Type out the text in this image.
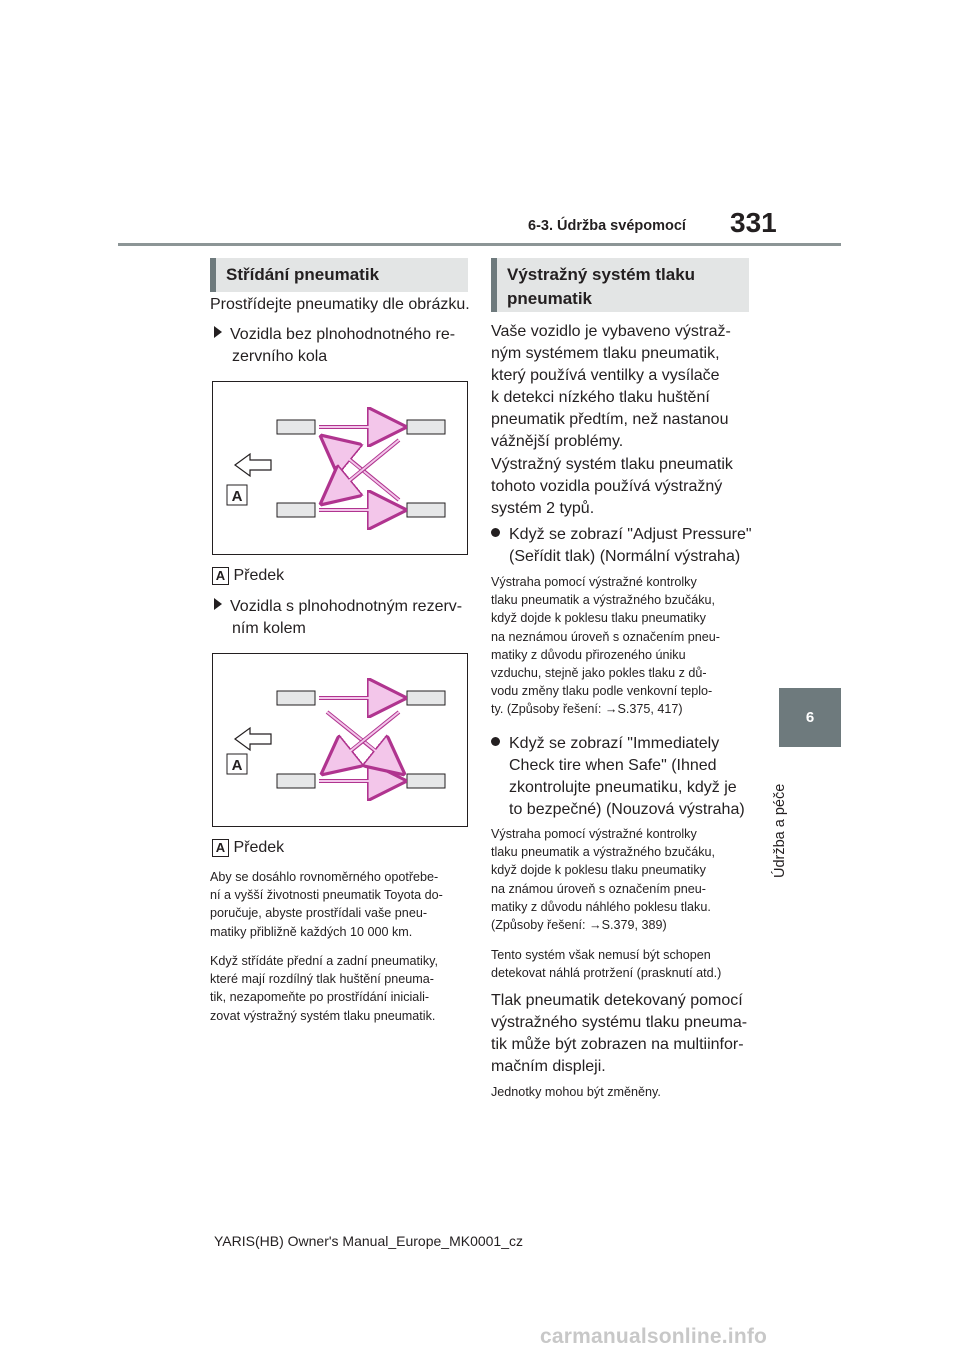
6-3. Údržba svépomocí 331
6
Údržba a péče
Střídání pneumatik
Prostřídejte pneumatiky dle obrázku.
Vozidla bez plnohodnotného re-
zervního kola
A
A Předek
Vozidla s plnohodnotným rezerv-
ním kolem
A
A Předek
Aby se dosáhlo rovnoměrného opotřebe-
ní a vyšší životnosti pneumatik Toyota do-
poručuje, abyste prostřídali vaše pneu-
matiky přibližně každých 10 000 km.
Když střídáte přední a zadní pneumatiky,
které mají rozdílný tlak huštění pneuma-
tik, nezapomeňte po prostřídání iniciali-
zovat výstražný systém tlaku pneumatik.
Výstražný systém tlaku
pneumatik
Vaše vozidlo je vybaveno výstraž-
ným systémem tlaku pneumatik,
který používá ventilky a vysílače
k detekci nízkého tlaku huštění
pneumatik předtím, než nastanou
vážnější problémy.
Výstražný systém tlaku pneumatik
tohoto vozidla používá výstražný
systém 2 typů.
Když se zobrazí "Adjust Pressure"
(Seřídit tlak) (Normální výstraha)
Výstraha pomocí výstražné kontrolky
tlaku pneumatik a výstražného bzučáku,
když dojde k poklesu tlaku pneumatiky
na neznámou úroveň s označením pneu-
matiky z důvodu přirozeného úniku
vzduchu, stejně jako pokles tlaku z dů-
vodu změny tlaku podle venkovní teplo-
ty. (Způsoby řešení: →S.375, 417)
Když se zobrazí "Immediately
Check tire when Safe" (Ihned
zkontrolujte pneumatiku, když je
to bezpečné) (Nouzová výstraha)
Výstraha pomocí výstražné kontrolky
tlaku pneumatik a výstražného bzučáku,
když dojde k poklesu tlaku pneumatiky
na známou úroveň s označením pneu-
matiky z důvodu náhlého poklesu tlaku.
(Způsoby řešení: →S.379, 389)
Tento systém však nemusí být schopen
detekovat náhlá protržení (prasknutí atd.)
Tlak pneumatik detekovaný pomocí
výstražného systému tlaku pneuma-
tik může být zobrazen na multiinfor-
mačním displeji.
Jednotky mohou být změněny.
YARIS(HB) Owner's Manual_Europe_MK0001_cz
carmanualsonline.info
